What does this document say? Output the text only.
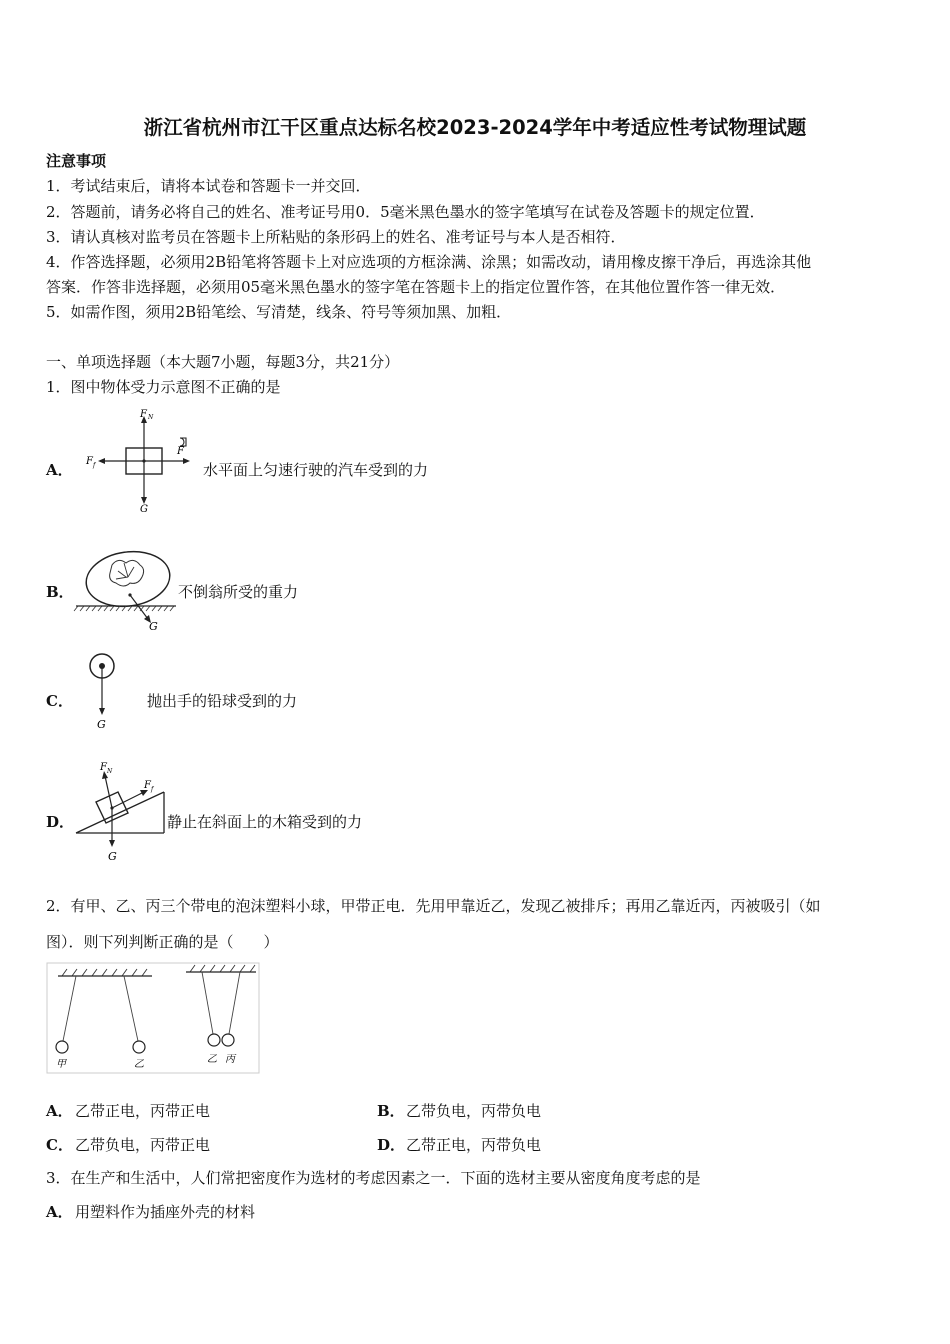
浙江省杭州市江干区重点达标名校2023-2024学年中考适应性考试物理试题
注意事项
1．考试结束后，请将本试卷和答题卡一并交回．
2．答题前，请务必将自己的姓名、准考证号用0．5毫米黑色墨水的签字笔填写在试卷及答题卡的规定位置．
3．请认真核对监考员在答题卡上所粘贴的条形码上的姓名、准考证号与本人是否相符．
4．作答选择题，必须用2B铅笔将答题卡上对应选项的方框涂满、涂黑；如需改动，请用橡皮擦干净后，再选涂其他
答案．作答非选择题，必须用05毫米黑色墨水的签字笔在答题卡上的指定位置作答，在其他位置作答一律无效．
5．如需作图，须用2B铅笔绘、写清楚，线条、符号等须加黑、加粗．
一、单项选择题（本大题7小题，每题3分，共21分）
1．图中物体受力示意图不正确的是
A．
F N
F f
F
G
水平面上匀速行驶的汽车受到的力
B．
G
不倒翁所受的重力
C．
G
抛出手的铅球受到的力
D．
F N
F f
G
静止在斜面上的木箱受到的力
2．有甲、乙、丙三个带电的泡沫塑料小球，甲带正电．先用甲靠近乙，发现乙被排斥；再用乙靠近丙，丙被吸引（如
图）．则下列判断正确的是（　　）
甲	乙	乙 丙
A． 乙带正电，丙带正电	B． 乙带负电，丙带负电
C． 乙带负电，丙带正电	D． 乙带正电，丙带负电
3．在生产和生活中，人们常把密度作为选材的考虑因素之一．下面的选材主要从密度角度考虑的是
A． 用塑料作为插座外壳的材料
